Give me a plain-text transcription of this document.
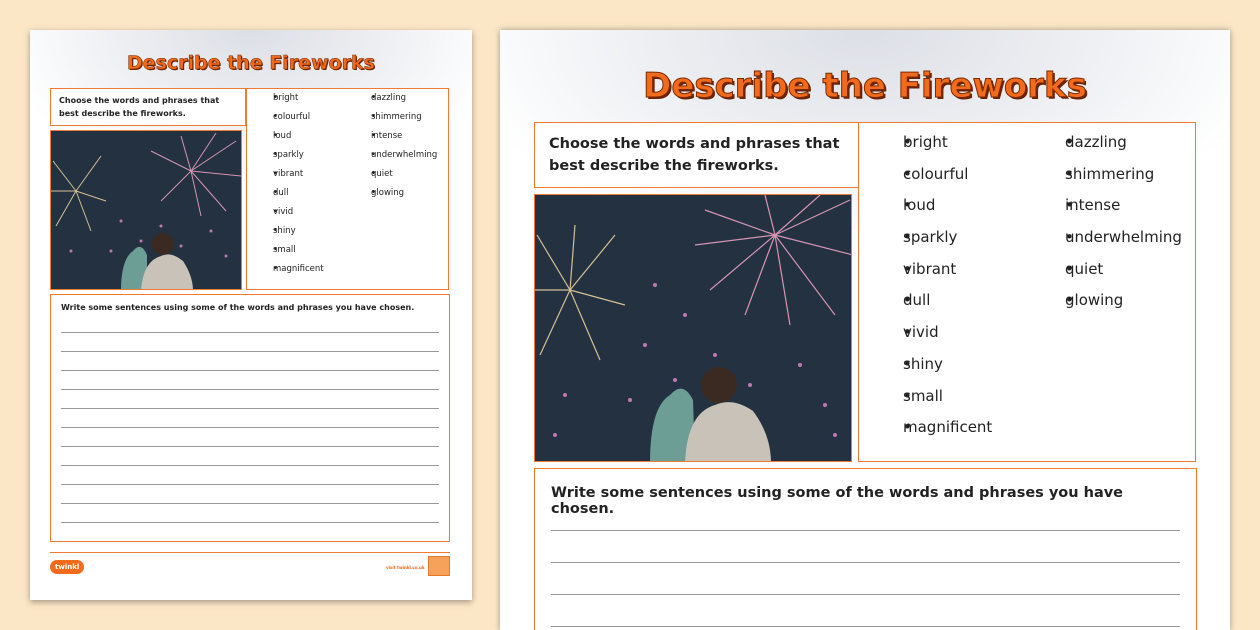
Describe the Fireworks
Choose the words and phrases that best describe the fireworks.
• bright
• colourful
• loud
• sparkly
• vibrant
• dull
• vivid
• shiny
• small
• magnificent
• dazzling
• shimmering
• intense
• underwhelming
• quiet
• glowing
Write some sentences using some of the words and phrases you have chosen.
twinkl	visit twinkl.co.uk
Describe the Fireworks
Choose the words and phrases that best describe the fireworks.
• bright
• colourful
• loud
• sparkly
• vibrant
• dull
• vivid
• shiny
• small
• magnificent
• dazzling
• shimmering
• intense
• underwhelming
• quiet
• glowing
Write some sentences using some of the words and phrases you have chosen.
